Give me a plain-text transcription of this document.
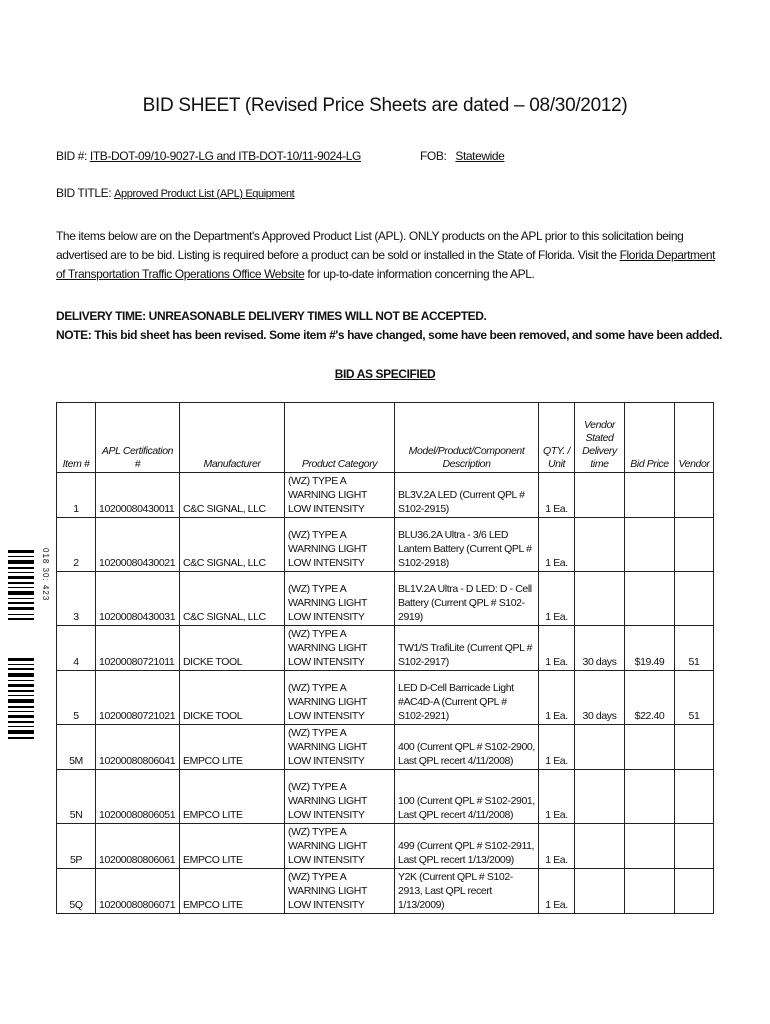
BID SHEET (Revised Price Sheets are dated – 08/30/2012)
BID #: ITB-DOT-09/10-9027-LG and ITB-DOT-10/11-9024-LG	FOB: Statewide
BID TITLE: Approved Product List (APL) Equipment
The items below are on the Department's Approved Product List (APL). ONLY products on the APL prior to this solicitation being advertised are to be bid. Listing is required before a product can be sold or installed in the State of Florida. Visit the Florida Department of Transportation Traffic Operations Office Website for up-to-date information concerning the APL.
DELIVERY TIME: UNREASONABLE DELIVERY TIMES WILL NOT BE ACCEPTED.
NOTE: This bid sheet has been revised. Some item #'s have changed, some have been removed, and some have been added.
BID AS SPECIFIED
018 30: 423
Item #	APL Certification #	Manufacturer	Product Category	Model/Product/Component Description	QTY. / Unit	Vendor Stated Delivery time	Bid Price	Vendor
1	10200080430011	C&C SIGNAL, LLC	(WZ) TYPE A WARNING LIGHT LOW INTENSITY	BL3V.2A LED (Current QPL # S102-2915)	1 Ea.			
2	10200080430021	C&C SIGNAL, LLC	(WZ) TYPE A WARNING LIGHT LOW INTENSITY	BLU36.2A Ultra - 3/6 LED Lantern Battery (Current QPL # S102-2918)	1 Ea.			
3	10200080430031	C&C SIGNAL, LLC	(WZ) TYPE A WARNING LIGHT LOW INTENSITY	BL1V.2A Ultra - D LED: D - Cell Battery (Current QPL # S102-2919)	1 Ea.			
4	10200080721011	DICKE TOOL	(WZ) TYPE A WARNING LIGHT LOW INTENSITY	TW1/S TrafiLite (Current QPL # S102-2917)	1 Ea.	30 days	$19.49	51
5	10200080721021	DICKE TOOL	(WZ) TYPE A WARNING LIGHT LOW INTENSITY	LED D-Cell Barricade Light #AC4D-A (Current QPL # S102-2921)	1 Ea.	30 days	$22.40	51
5M	10200080806041	EMPCO LITE	(WZ) TYPE A WARNING LIGHT LOW INTENSITY	400 (Current QPL # S102-2900, Last QPL recert 4/11/2008)	1 Ea.			
5N	10200080806051	EMPCO LITE	(WZ) TYPE A WARNING LIGHT LOW INTENSITY	100 (Current QPL # S102-2901, Last QPL recert 4/11/2008)	1 Ea.			
5P	10200080806061	EMPCO LITE	(WZ) TYPE A WARNING LIGHT LOW INTENSITY	499 (Current QPL # S102-2911, Last QPL recert 1/13/2009)	1 Ea.			
5Q	10200080806071	EMPCO LITE	(WZ) TYPE A WARNING LIGHT LOW INTENSITY	Y2K (Current QPL # S102-2913, Last QPL recert 1/13/2009)	1 Ea.			
